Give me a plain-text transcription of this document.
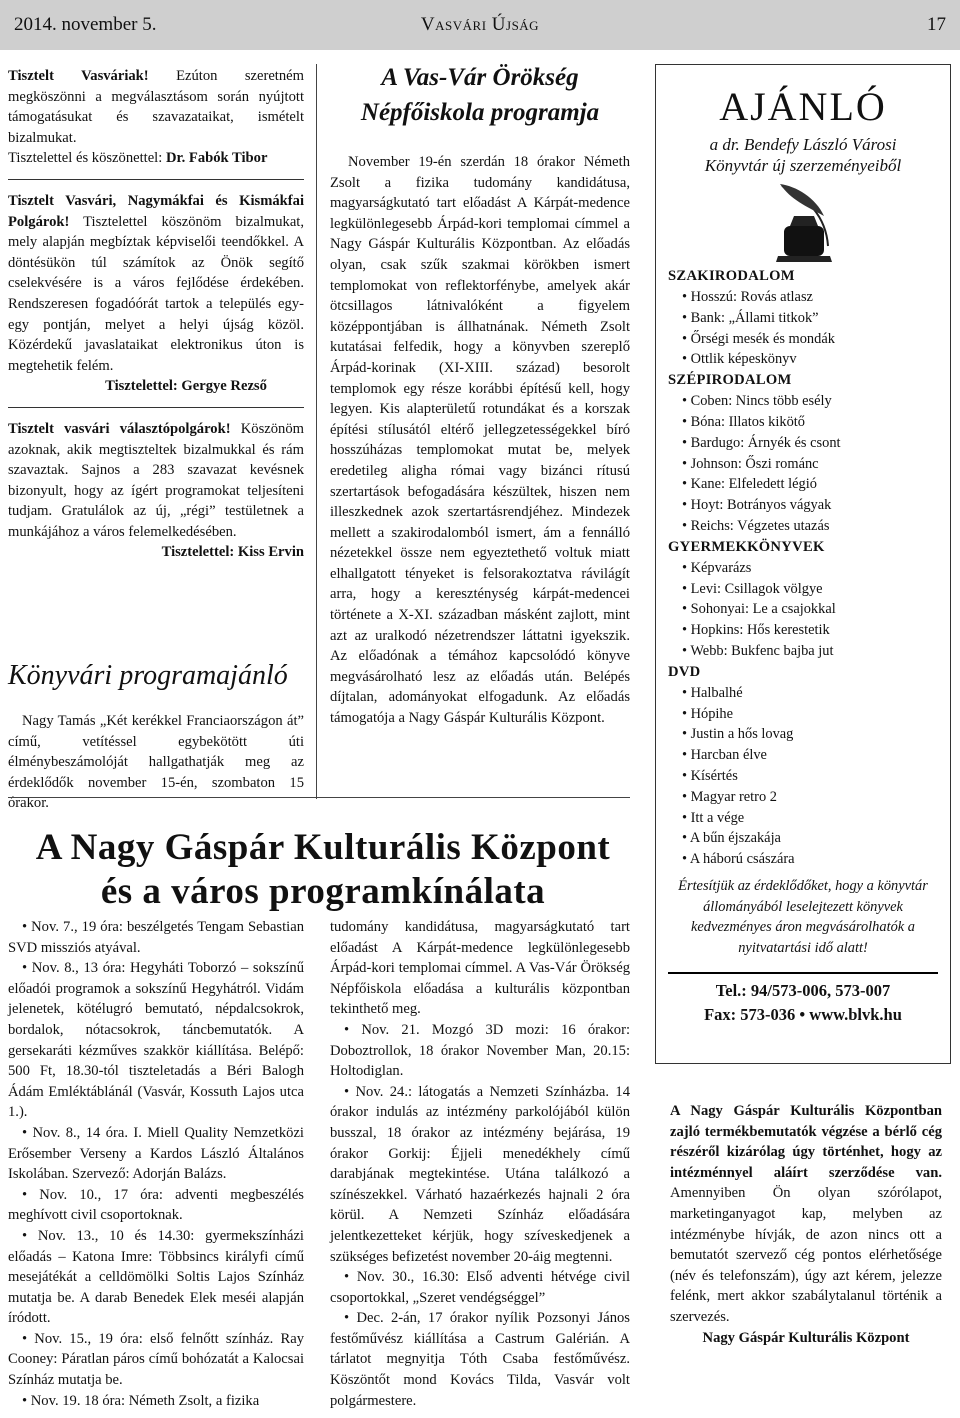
2014. november 5.	Vasvári Újság	17

Tisztelt Vasváriak! Ezúton szeretném megköszönni a megválasztásom során nyújtott támogatásukat és szavazataikat, ismételt bizalmukat.

Tisztelettel és köszönettel: Dr. Fabók Tibor

Tisztelt Vasvári, Nagymákfai és Kismákfai Polgárok! Tisztelettel köszönöm bizalmukat, mely alapján megbíztak képviselői teendőkkel. A döntésükön túl számítok az Önök segítő cselekvésére is a város fejlődése érdekében. Rendszeresen fogadóórát tartok a település egy-egy pontján, melyet a helyi újság közöl. Közérdekű javaslataikat elektronikus úton is megtehetik felém.

Tisztelettel: Gergye Rezső

Tisztelt vasvári választópolgárok! Köszönöm azoknak, akik megtiszteltek bizalmukkal és rám szavaztak. Sajnos a 283 szavazat kevésnek bizonyult, hogy az ígért programokat teljesíteni tudjam. Gratulálok az új, „régi” testületnek a munkájához a város felemelkedésében.

Tisztelettel: Kiss Ervin

A Vas-Vár Örökség
Népfőiskola programja
November 19-én szerdán 18 órakor Németh Zsolt a fizika tudomány kandidátusa, magyarságkutató tart előadást A Kárpát-medence legkülönlegesebb Árpád-kori templomai címmel a Nagy Gáspár Kulturális Központban. Az előadás olyan, csak szűk szakmai körökben ismert templomokat von reflektorfénybe, amelyek akár ötcsillagos látnivalóként a figyelem középpontjában is állhatnának. Németh Zsolt kutatásai felfedik, hogy a könyvben szereplő Árpád-korinak (XI-XIII. század) besorolt templomok egy része korábbi építésű kell, hogy legyen. Kis alapterületű rotundákat és a korszak építési stílusától eltérő jellegzetességekkel bíró hosszúházas templomokat mutat be, melyek eredetileg aligha római vagy bizánci rítusú szertartások befogadására készültek, hiszen nem illeszkednek azok szertartásrendjéhez. Mindezek mellett a szakirodalomból ismert, ám a fennálló nézetekkel össze nem egyeztethető voltuk miatt elhallgatott tényeket is felsorakoztatva rávilágít arra, hogy a kereszténység kárpát-medencei története a X-XI. században másként zajlott, mint azt az uralkodó nézetrendszer láttatni igyekszik. Az előadónak a témához kapcsolódó könyve megvásárolható lesz az előadás után. Belépés díjtalan, adományokat elfogadunk. Az előadás támogatója a Nagy Gáspár Kulturális Központ.
Könyvári programajánló
Nagy Tamás „Két kerékkel Franciaországon át” című, vetítéssel egybekötött úti élménybeszámolóját hallgathatják meg az érdeklődők november 15-én, szombaton 15 órakor.
A Nagy Gáspár Kulturális Központ
és a város programkínálata

• Nov. 7., 19 óra: beszélgetés Tengam Sebastian SVD missziós atyával.

• Nov. 8., 13 óra: Hegyháti Toborzó – sokszínű előadói programok a sokszínű Hegyhátról. Vidám jelenetek, kötélugró bemutató, népdalcsokrok, bordalok, nótacsokrok, táncbemutatók. A gersekaráti kézműves szakkör kiállítása. Belépő: 500 Ft, 18.30-tól tiszteletadás a Béri Balogh Ádám Emléktáblánál (Vasvár, Kossuth Lajos utca 1.).

• Nov. 8., 14 óra. I. Miell Quality Nemzetközi Erősember Verseny a Kardos László Általános Iskolában. Szervező: Adorján Balázs.

• Nov. 10., 17 óra: adventi megbeszélés meghívott civil csoportoknak.

• Nov. 13., 10 és 14.30: gyermekszínházi előadás – Katona Imre: Többsincs királyfi című mesejátékát a celldömölki Soltis Lajos Színház mutatja be. A darab Benedek Elek meséi alapján íródott.

• Nov. 15., 19 óra: első felnőtt színház. Ray Cooney: Páratlan páros című bohózatát a Kalocsai Színház mutatja be.

• Nov. 19. 18 óra: Németh Zsolt, a fizika

tudomány kandidátusa, magyarságkutató tart előadást A Kárpát-medence legkülönlegesebb Árpád-kori templomai címmel. A Vas-Vár Örökség Népfőiskola előadása a kulturális központban tekinthető meg.

• Nov. 21. Mozgó 3D mozi: 16 órakor: Doboztrollok, 18 órakor November Man, 20.15: Holtodiglan.

• Nov. 24.: látogatás a Nemzeti Színházba. 14 órakor indulás az intézmény parkolójából külön busszal, 18 órakor az intézmény bejárása, 19 órakor Gorkij: Éjjeli menedékhely című darabjának megtekintése. Utána találkozó a színészekkel. Várható hazaérkezés hajnali 2 óra körül. A Nemzeti Színház előadására jelentkezetteket kérjük, hogy szíveskedjenek a szükséges befizetést november 20-áig megtenni.

• Nov. 30., 16.30: Első adventi hétvége civil csoportokkal, „Szeret vendégséggel”

• Dec. 2-án, 17 órakor nyílik Pozsonyi János festőművész kiállítása a Castrum Galérián. A tárlatot megnyitja Tóth Csaba festőművész. Köszöntőt mond Kovács Tilda, Vasvár volt polgármestere.

AJÁNLÓ
a dr. Bendefy László Városi
Könyvtár új szerzeményeiből
SZAKIRODALOM
• Hosszú: Rovás atlasz
• Bank: „Állami titkok”
• Őrségi mesék és mondák
• Ottlik képeskönyv
SZÉPIRODALOM
• Coben: Nincs több esély
• Bóna: Illatos kikötő
• Bardugo: Árnyék és csont
• Johnson: Őszi románc
• Kane: Elfeledett légió
• Hoyt: Botrányos vágyak
• Reichs: Végzetes utazás
GYERMEKKÖNYVEK
• Képvarázs
• Levi: Csillagok völgye
• Sohonyai: Le a csajokkal
• Hopkins: Hős kerestetik
• Webb: Bukfenc bajba jut
DVD
• Halbalhé
• Hópihe
• Justin a hős lovag
• Harcban élve
• Kísértés
• Magyar retro 2
• Itt a vége
• A bűn éjszakája
• A háború császára
Értesítjük az érdeklődőket, hogy a könyvtár állományából leselejtezett könyvek kedvezményes áron megvásárolhatók a nyitvatartási idő alatt!
Tel.: 94/573-006, 573-007
Fax: 573-036 • www.blvk.hu

A Nagy Gáspár Kulturális Központban zajló termékbemutatók végzése a bérlő cég részéről kizárólag úgy történhet, hogy az intézménnyel aláírt szerződése van. Amennyiben Ön olyan szórólapot, marketinganyagot kap, melyben az intézménybe hívják, de azon nincs ott a bemutatót szervező cég pontos elérhetősége (név és telefonszám), úgy azt kérem, jelezze felénk, mert akkor szabálytalanul történik a szervezés.

Nagy Gáspár Kulturális Központ
